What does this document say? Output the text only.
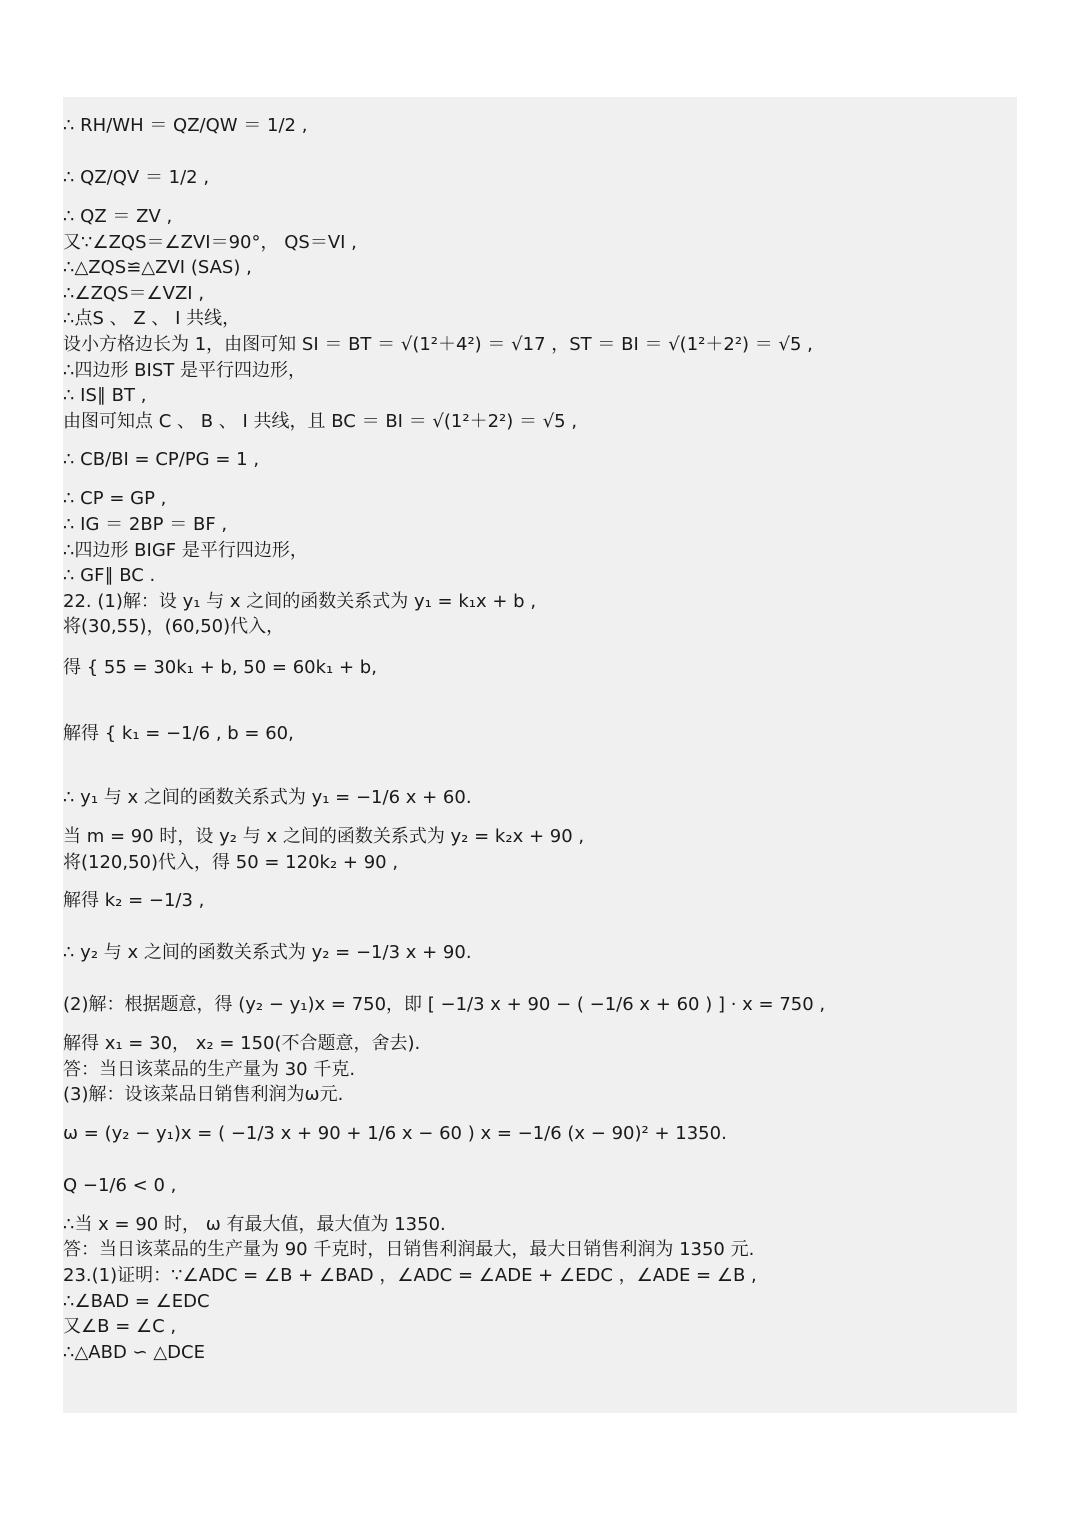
∴ RH/WH ＝ QZ/QW ＝ 1/2 ,
∴ QZ/QV ＝ 1/2 ,
∴ QZ ＝ ZV ,
又∵∠ZQS＝∠ZVI＝90°， QS＝VI ,
∴△ZQS≌△ZVI (SAS) ,
∴∠ZQS＝∠VZI ,
∴点S 、 Z 、 I 共线，
设小方格边长为 1，由图可知 SI ＝ BT ＝ √(1²＋4²) ＝ √17 ，ST ＝ BI ＝ √(1²＋2²) ＝ √5 ,
∴四边形 BIST 是平行四边形，
∴ IS∥ BT ,
由图可知点 C 、 B 、 I 共线，且 BC ＝ BI ＝ √(1²＋2²) ＝ √5 ,
∴ CB/BI = CP/PG = 1 ,
∴ CP = GP ,
∴ IG ＝ 2BP ＝ BF ,
∴四边形 BIGF 是平行四边形，
∴ GF∥ BC .
22. (1)解：设 y₁ 与 x 之间的函数关系式为 y₁ = k₁x + b ,
将(30,55)，(60,50)代入，
得 { 55 = 30k₁ + b, 50 = 60k₁ + b,
解得 { k₁ = −1/6 , b = 60,
∴ y₁ 与 x 之间的函数关系式为 y₁ = −1/6 x + 60.
当 m = 90 时，设 y₂ 与 x 之间的函数关系式为 y₂ = k₂x + 90 ,
将(120,50)代入，得 50 = 120k₂ + 90 ,
解得 k₂ = −1/3 ,
∴ y₂ 与 x 之间的函数关系式为 y₂ = −1/3 x + 90.
(2)解：根据题意，得 (y₂ − y₁)x = 750，即 [ −1/3 x + 90 − ( −1/6 x + 60 ) ] · x = 750 ,
解得 x₁ = 30， x₂ = 150(不合题意，舍去).
答：当日该菜品的生产量为 30 千克.
(3)解：设该菜品日销售利润为ω元.
ω = (y₂ − y₁)x = ( −1/3 x + 90 + 1/6 x − 60 ) x = −1/6 (x − 90)² + 1350.
Q −1/6 < 0 ,
∴当 x = 90 时， ω 有最大值，最大值为 1350.
答：当日该菜品的生产量为 90 千克时，日销售利润最大，最大日销售利润为 1350 元.
23.(1)证明：∵∠ADC = ∠B + ∠BAD ，∠ADC = ∠ADE + ∠EDC ，∠ADE = ∠B ,
∴∠BAD = ∠EDC
又∠B = ∠C ,
∴△ABD ∽ △DCE
